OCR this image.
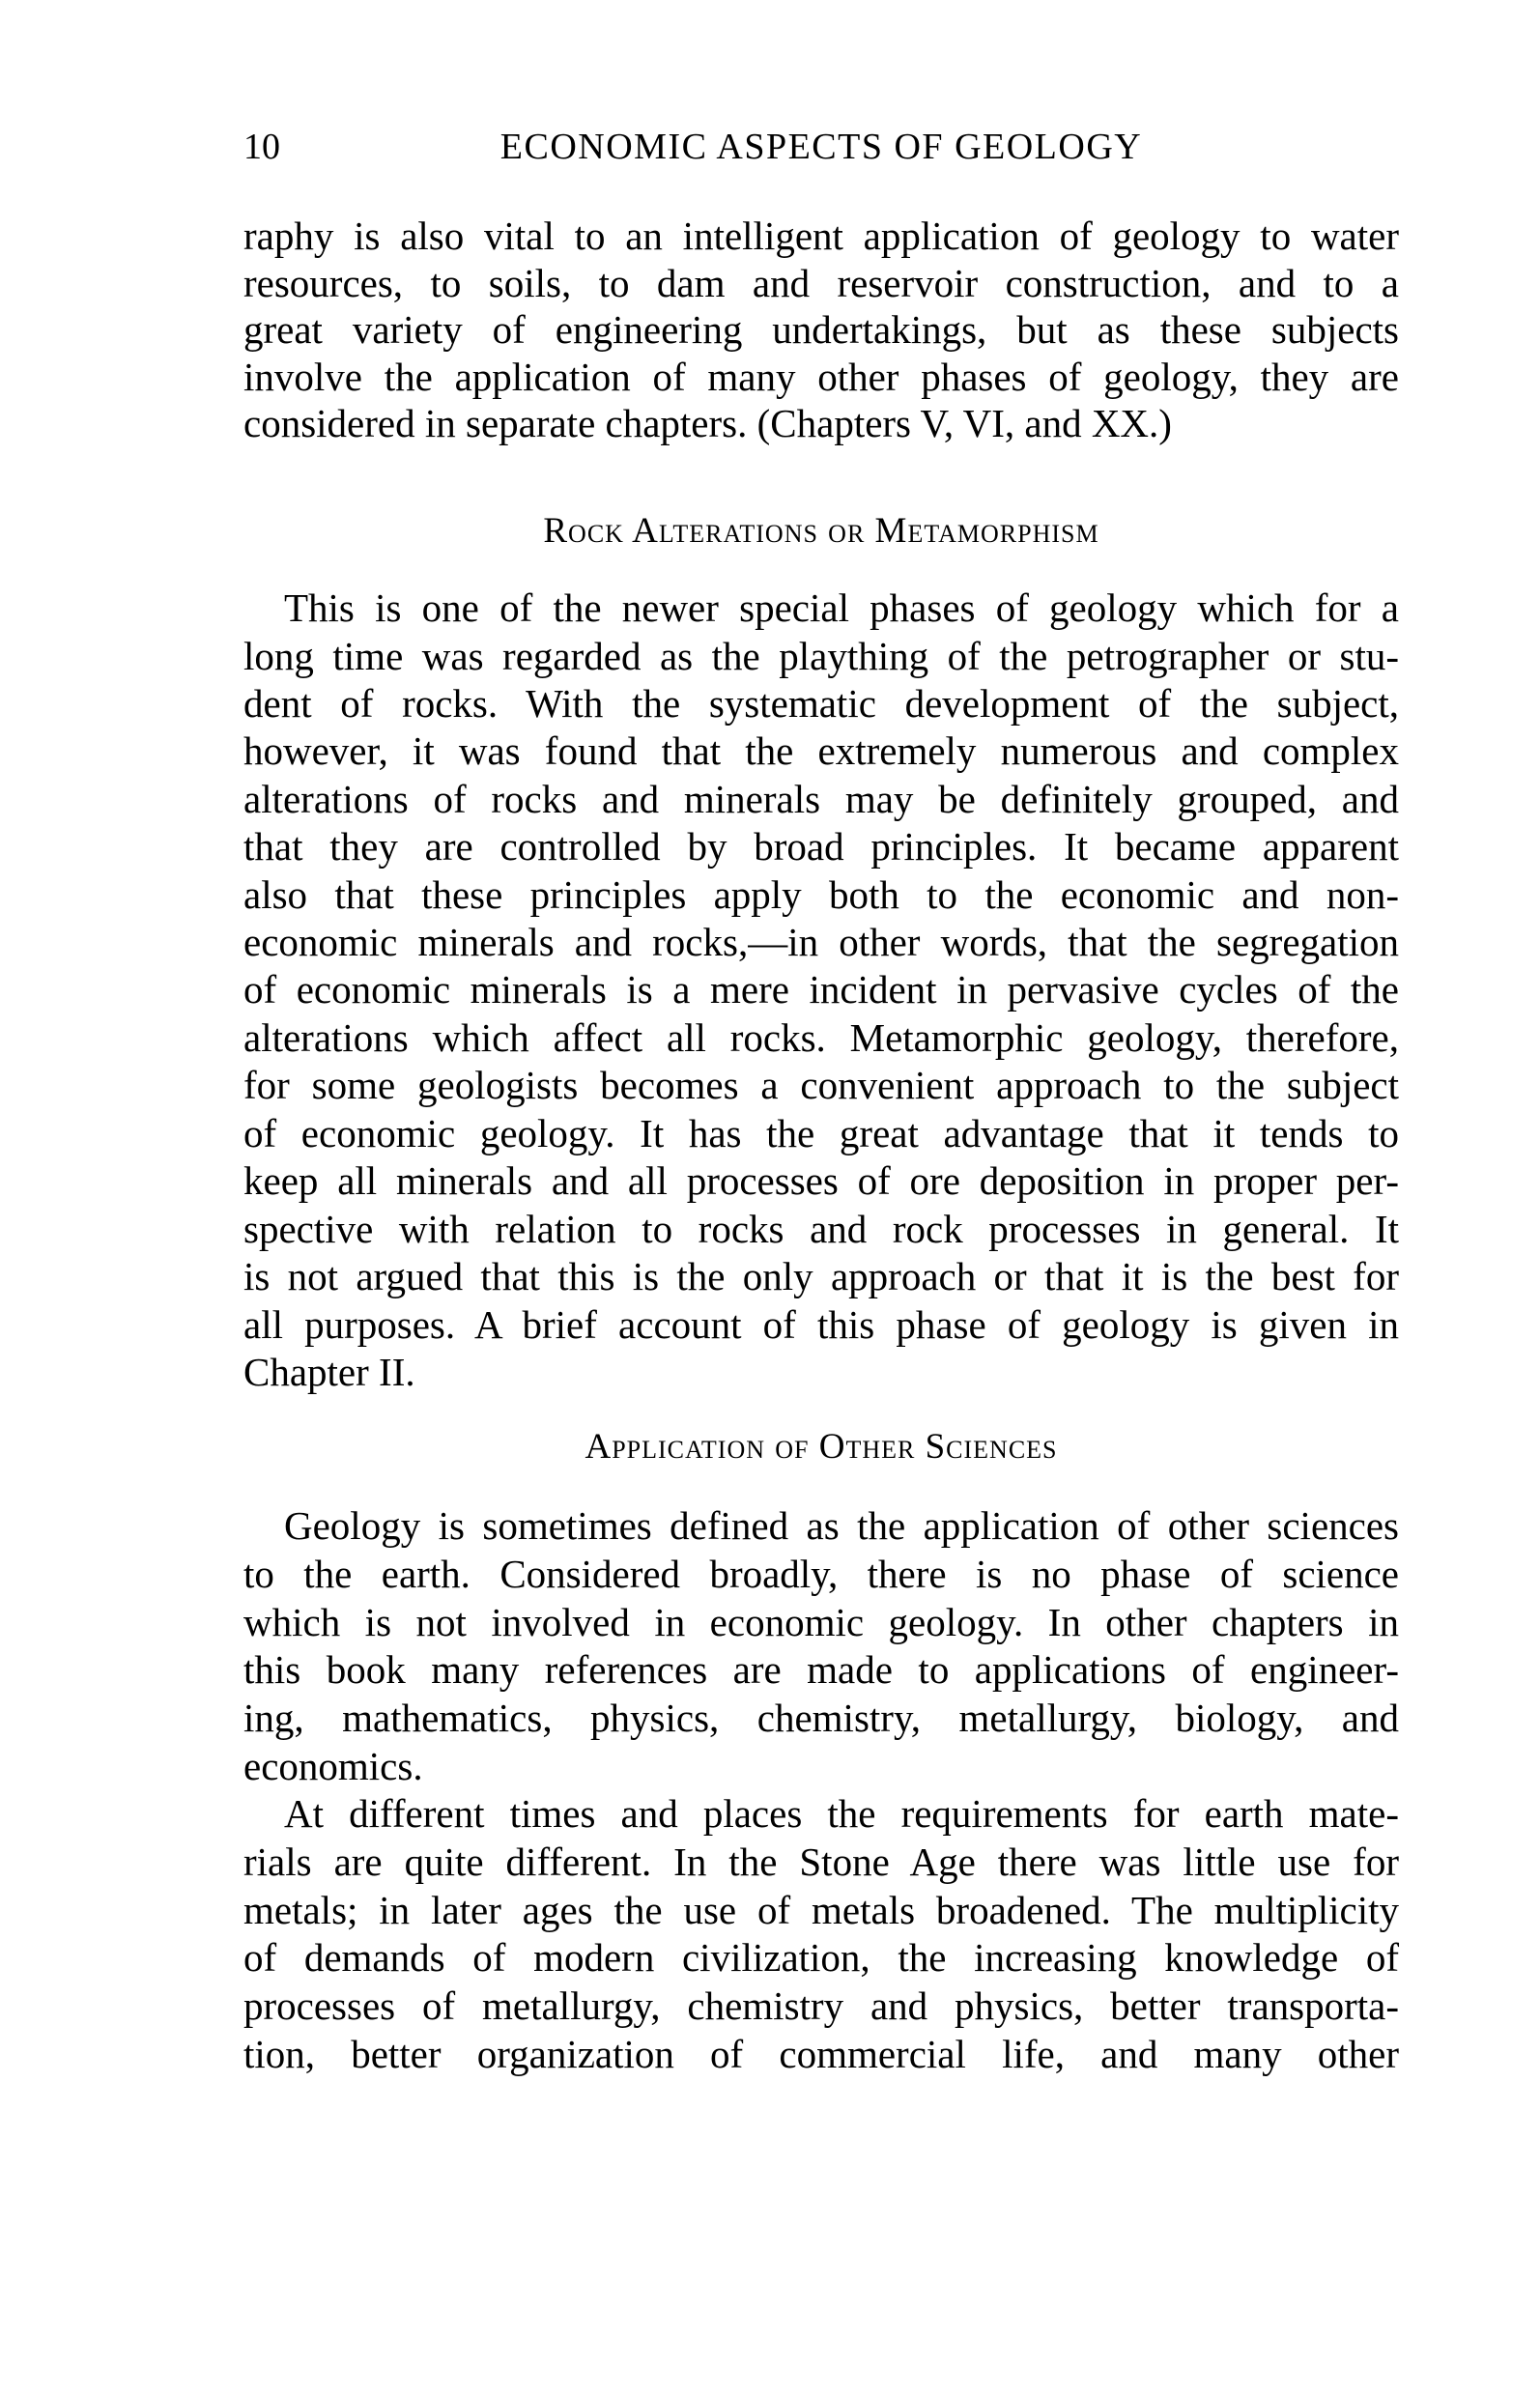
10	ECONOMIC ASPECTS OF GEOLOGY
raphy is also vital to an intelligent application of geology to water
resources, to soils, to dam and reservoir construction, and to a
great variety of engineering undertakings, but as these subjects
involve the application of many other phases of geology, they are
considered in separate chapters. (Chapters V, VI, and XX.)
Rock Alterations or Metamorphism
This is one of the newer special phases of geology which for a
long time was regarded as the plaything of the petrographer or stu-
dent of rocks. With the systematic development of the subject,
however, it was found that the extremely numerous and complex
alterations of rocks and minerals may be definitely grouped, and
that they are controlled by broad principles. It became apparent
also that these principles apply both to the economic and non-
economic minerals and rocks,—in other words, that the segregation
of economic minerals is a mere incident in pervasive cycles of the
alterations which affect all rocks. Metamorphic geology, therefore,
for some geologists becomes a convenient approach to the subject
of economic geology. It has the great advantage that it tends to
keep all minerals and all processes of ore deposition in proper per-
spective with relation to rocks and rock processes in general. It
is not argued that this is the only approach or that it is the best for
all purposes. A brief account of this phase of geology is given in
Chapter II.
Application of Other Sciences
Geology is sometimes defined as the application of other sciences
to the earth. Considered broadly, there is no phase of science
which is not involved in economic geology. In other chapters in
this book many references are made to applications of engineer-
ing, mathematics, physics, chemistry, metallurgy, biology, and
economics.
At different times and places the requirements for earth mate-
rials are quite different. In the Stone Age there was little use for
metals; in later ages the use of metals broadened. The multiplicity
of demands of modern civilization, the increasing knowledge of
processes of metallurgy, chemistry and physics, better transporta-
tion, better organization of commercial life, and many other
